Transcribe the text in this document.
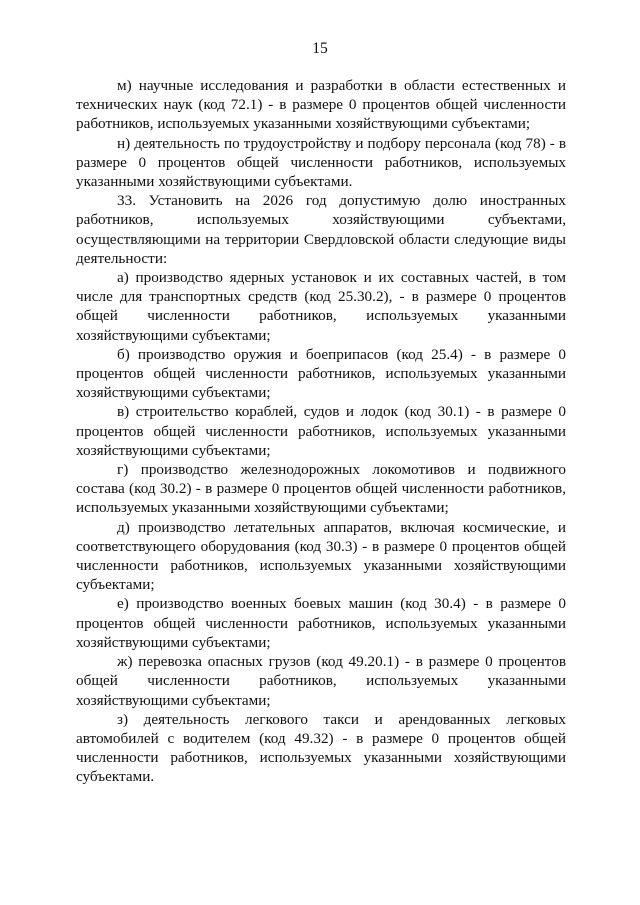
15

м) научные исследования и разработки в области естественных и технических наук (код 72.1) - в размере 0 процентов общей численности работников, используемых указанными хозяйствующими субъектами;

н) деятельность по трудоустройству и подбору персонала (код 78) - в размере 0 процентов общей численности работников, используемых указанными хозяйствующими субъектами.

33. Установить на 2026 год допустимую долю иностранных работников, используемых хозяйствующими субъектами, осуществляющими на территории Свердловской области следующие виды деятельности:

а) производство ядерных установок и их составных частей, в том числе для транспортных средств (код 25.30.2), - в размере 0 процентов общей численности работников, используемых указанными хозяйствующими субъектами;

б) производство оружия и боеприпасов (код 25.4) - в размере 0 процентов общей численности работников, используемых указанными хозяйствующими субъектами;

в) строительство кораблей, судов и лодок (код 30.1) - в размере 0 процентов общей численности работников, используемых указанными хозяйствующими субъектами;

г) производство железнодорожных локомотивов и подвижного состава (код 30.2) - в размере 0 процентов общей численности работников, используемых указанными хозяйствующими субъектами;

д) производство летательных аппаратов, включая космические, и соответствующего оборудования (код 30.3) - в размере 0 процентов общей численности работников, используемых указанными хозяйствующими субъектами;

е) производство военных боевых машин (код 30.4) - в размере 0 процентов общей численности работников, используемых указанными хозяйствующими субъектами;

ж) перевозка опасных грузов (код 49.20.1) - в размере 0 процентов общей численности работников, используемых указанными хозяйствующими субъектами;

з) деятельность легкового такси и арендованных легковых автомобилей с водителем (код 49.32) - в размере 0 процентов общей численности работников, используемых указанными хозяйствующими субъектами.
